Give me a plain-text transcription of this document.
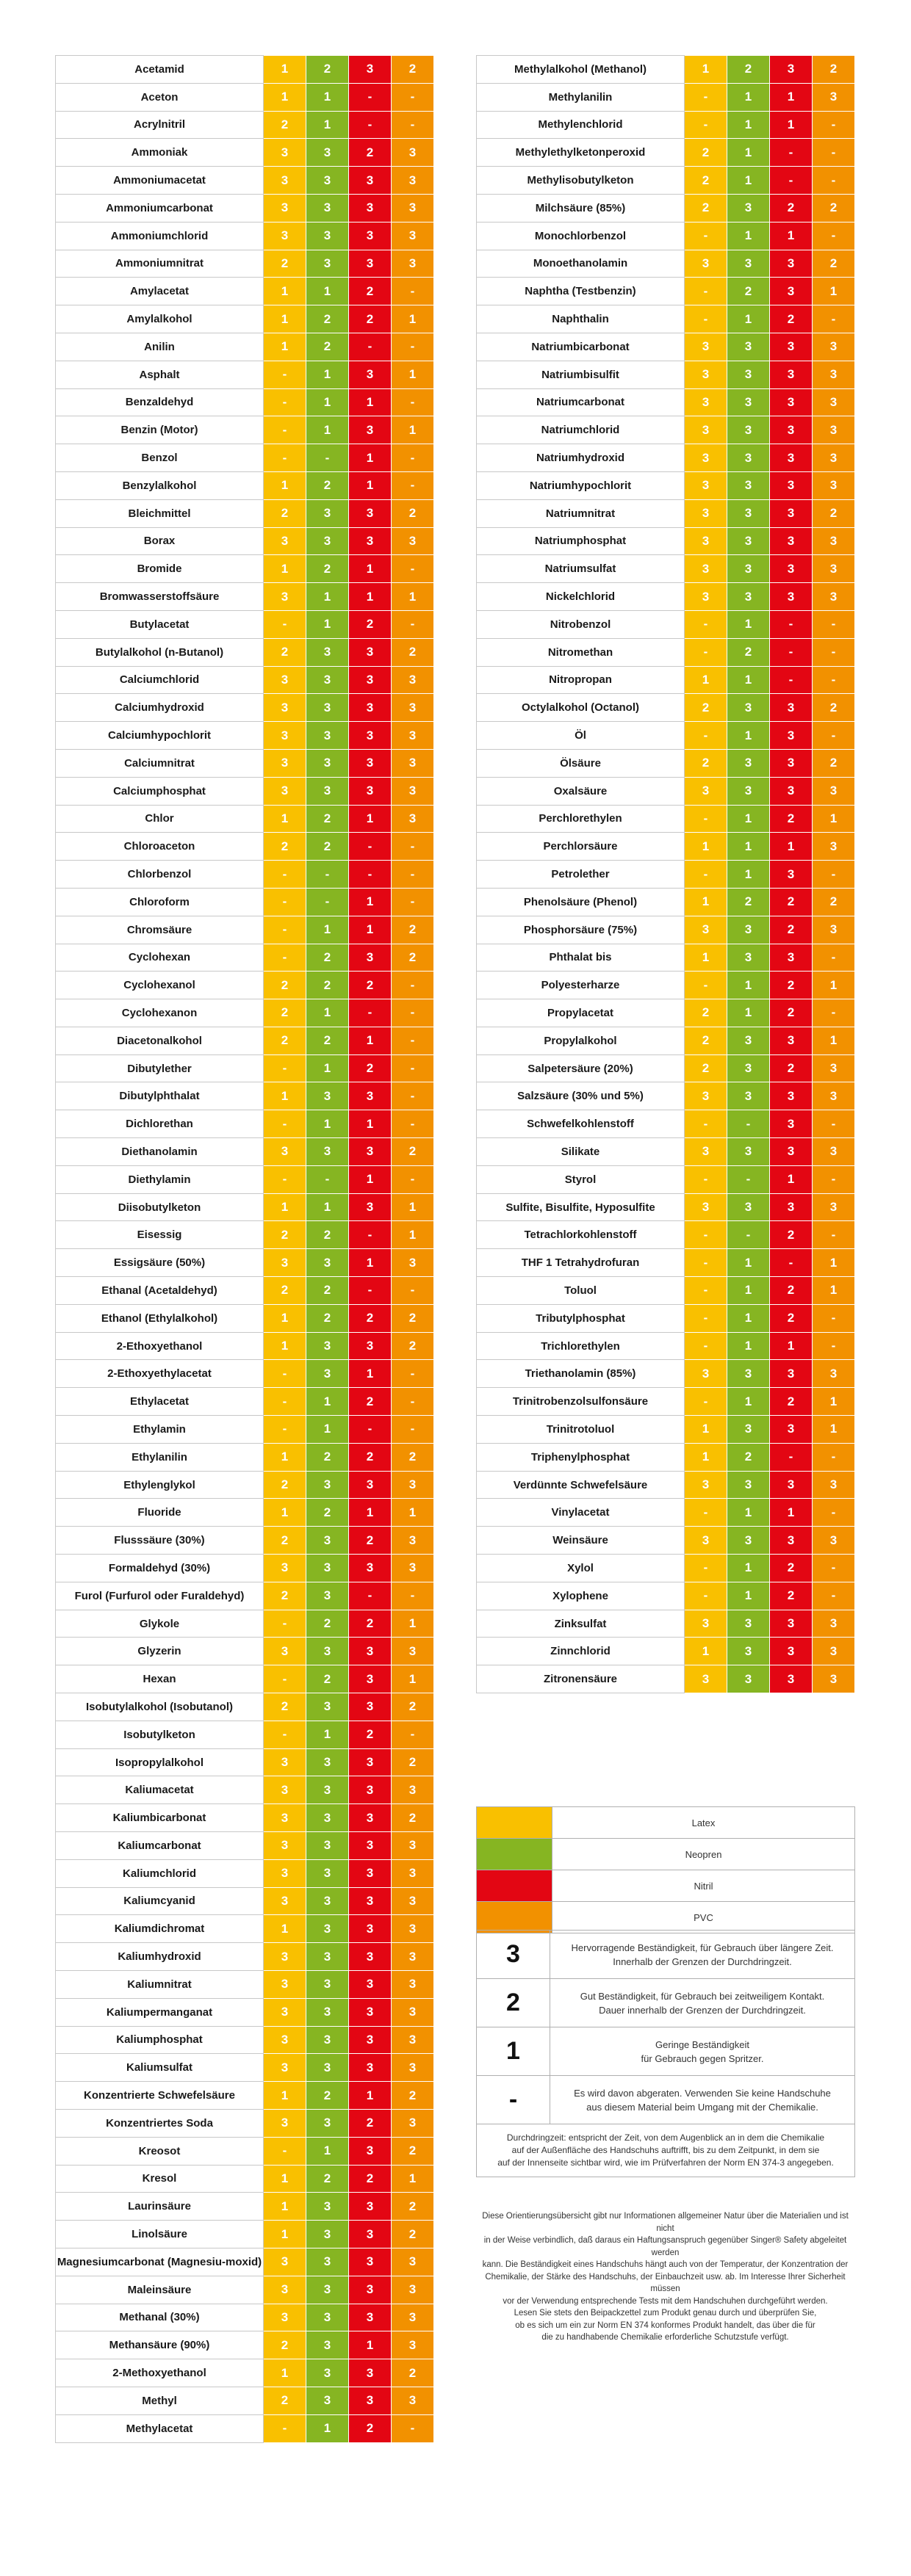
Acetamid	1	2	3	2
Aceton	1	1	-	-
Acrylnitril	2	1	-	-
Ammoniak	3	3	2	3
Ammoniumacetat	3	3	3	3
Ammoniumcarbonat	3	3	3	3
Ammoniumchlorid	3	3	3	3
Ammoniumnitrat	2	3	3	3
Amylacetat	1	1	2	-
Amylalkohol	1	2	2	1
Anilin	1	2	-	-
Asphalt	-	1	3	1
Benzaldehyd	-	1	1	-
Benzin (Motor)	-	1	3	1
Benzol	-	-	1	-
Benzylalkohol	1	2	1	-
Bleichmittel	2	3	3	2
Borax	3	3	3	3
Bromide	1	2	1	-
Bromwasserstoffsäure	3	1	1	1
Butylacetat	-	1	2	-
Butylalkohol (n-Butanol)	2	3	3	2
Calciumchlorid	3	3	3	3
Calciumhydroxid	3	3	3	3
Calciumhypochlorit	3	3	3	3
Calciumnitrat	3	3	3	3
Calciumphosphat	3	3	3	3
Chlor	1	2	1	3
Chloroaceton	2	2	-	-
Chlorbenzol	-	-	-	-
Chloroform	-	-	1	-
Chromsäure	-	1	1	2
Cyclohexan	-	2	3	2
Cyclohexanol	2	2	2	-
Cyclohexanon	2	1	-	-
Diacetonalkohol	2	2	1	-
Dibutylether	-	1	2	-
Dibutylphthalat	1	3	3	-
Dichlorethan	-	1	1	-
Diethanolamin	3	3	3	2
Diethylamin	-	-	1	-
Diisobutylketon	1	1	3	1
Eisessig	2	2	-	1
Essigsäure (50%)	3	3	1	3
Ethanal (Acetaldehyd)	2	2	-	-
Ethanol (Ethylalkohol)	1	2	2	2
2-Ethoxyethanol	1	3	3	2
2-Ethoxyethylacetat	-	3	1	-
Ethylacetat	-	1	2	-
Ethylamin	-	1	-	-
Ethylanilin	1	2	2	2
Ethylenglykol	2	3	3	3
Fluoride	1	2	1	1
Flusssäure (30%)	2	3	2	3
Formaldehyd (30%)	3	3	3	3
Furol (Furfurol oder Furaldehyd)	2	3	-	-
Glykole	-	2	2	1
Glyzerin	3	3	3	3
Hexan	-	2	3	1
Isobutylalkohol (Isobutanol)	2	3	3	2
Isobutylketon	-	1	2	-
Isopropylalkohol	3	3	3	2
Kaliumacetat	3	3	3	3
Kaliumbicarbonat	3	3	3	2
Kaliumcarbonat	3	3	3	3
Kaliumchlorid	3	3	3	3
Kaliumcyanid	3	3	3	3
Kaliumdichromat	1	3	3	3
Kaliumhydroxid	3	3	3	3
Kaliumnitrat	3	3	3	3
Kaliumpermanganat	3	3	3	3
Kaliumphosphat	3	3	3	3
Kaliumsulfat	3	3	3	3
Konzentrierte Schwefelsäure	1	2	1	2
Konzentriertes Soda	3	3	2	3
Kreosot	-	1	3	2
Kresol	1	2	2	1
Laurinsäure	1	3	3	2
Linolsäure	1	3	3	2
Magnesiumcarbonat (Magnesiu-moxid)	3	3	3	3
Maleinsäure	3	3	3	3
Methanal (30%)	3	3	3	3
Methansäure (90%)	2	3	1	3
2-Methoxyethanol	1	3	3	2
Methyl	2	3	3	3
Methylacetat	-	1	2	-
Methylalkohol (Methanol)	1	2	3	2
Methylanilin	-	1	1	3
Methylenchlorid	-	1	1	-
Methylethylketonperoxid	2	1	-	-
Methylisobutylketon	2	1	-	-
Milchsäure (85%)	2	3	2	2
Monochlorbenzol	-	1	1	-
Monoethanolamin	3	3	3	2
Naphtha (Testbenzin)	-	2	3	1
Naphthalin	-	1	2	-
Natriumbicarbonat	3	3	3	3
Natriumbisulfit	3	3	3	3
Natriumcarbonat	3	3	3	3
Natriumchlorid	3	3	3	3
Natriumhydroxid	3	3	3	3
Natriumhypochlorit	3	3	3	3
Natriumnitrat	3	3	3	2
Natriumphosphat	3	3	3	3
Natriumsulfat	3	3	3	3
Nickelchlorid	3	3	3	3
Nitrobenzol	-	1	-	-
Nitromethan	-	2	-	-
Nitropropan	1	1	-	-
Octylalkohol (Octanol)	2	3	3	2
Öl	-	1	3	-
Ölsäure	2	3	3	2
Oxalsäure	3	3	3	3
Perchlorethylen	-	1	2	1
Perchlorsäure	1	1	1	3
Petrolether	-	1	3	-
Phenolsäure (Phenol)	1	2	2	2
Phosphorsäure (75%)	3	3	2	3
Phthalat bis	1	3	3	-
Polyesterharze	-	1	2	1
Propylacetat	2	1	2	-
Propylalkohol	2	3	3	1
Salpetersäure (20%)	2	3	2	3
Salzsäure (30% und 5%)	3	3	3	3
Schwefelkohlenstoff	-	-	3	-
Silikate	3	3	3	3
Styrol	-	-	1	-
Sulfite, Bisulfite, Hyposulfite	3	3	3	3
Tetrachlorkohlenstoff	-	-	2	-
THF 1 Tetrahydrofuran	-	1	-	1
Toluol	-	1	2	1
Tributylphosphat	-	1	2	-
Trichlorethylen	-	1	1	-
Triethanolamin (85%)	3	3	3	3
Trinitrobenzolsulfonsäure	-	1	2	1
Trinitrotoluol	1	3	3	1
Triphenylphosphat	1	2	-	-
Verdünnte Schwefelsäure	3	3	3	3
Vinylacetat	-	1	1	-
Weinsäure	3	3	3	3
Xylol	-	1	2	-
Xylophene	-	1	2	-
Zinksulfat	3	3	3	3
Zinnchlorid	1	3	3	3
Zitronensäure	3	3	3	3
	Latex
	Neopren
	Nitril
	PVC
3	Hervorragende Beständigkeit, für Gebrauch über längere Zeit.
Innerhalb der Grenzen der Durchdringzeit.
2	Gut Beständigkeit, für Gebrauch bei zeitweiligem Kontakt.
Dauer innerhalb der Grenzen der Durchdringzeit.
1	Geringe Beständigkeit
für Gebrauch gegen Spritzer.
-	Es wird davon abgeraten. Verwenden Sie keine Handschuhe
aus diesem Material beim Umgang mit der Chemikalie.
Durchdringzeit: entspricht der Zeit, von dem Augenblick an in dem die Chemikalie
auf der Außenfläche des Handschuhs auftrifft, bis zu dem Zeitpunkt, in dem sie
auf der Innenseite sichtbar wird, wie im Prüfverfahren der Norm EN 374-3 angegeben.	
Diese Orientierungsübersicht gibt nur Informationen allgemeiner Natur über die Materialien und ist nicht
in der Weise verbindlich, daß daraus ein Haftungsanspruch gegenüber Singer® Safety abgeleitet werden
kann. Die Beständigkeit eines Handschuhs hängt auch von der Temperatur, der Konzentration der
Chemikalie, der Stärke des Handschuhs, der Einbauchzeit usw. ab. Im Interesse Ihrer Sicherheit müssen
vor der Verwendung entsprechende Tests mit dem Handschuhen durchgeführt werden.
Lesen Sie stets den Beipackzettel zum Produkt genau durch und überprüfen Sie,
ob es sich um ein zur Norm EN 374 konformes Produkt handelt, das über die für
die zu handhabende Chemikalie erforderliche Schutzstufe verfügt.
